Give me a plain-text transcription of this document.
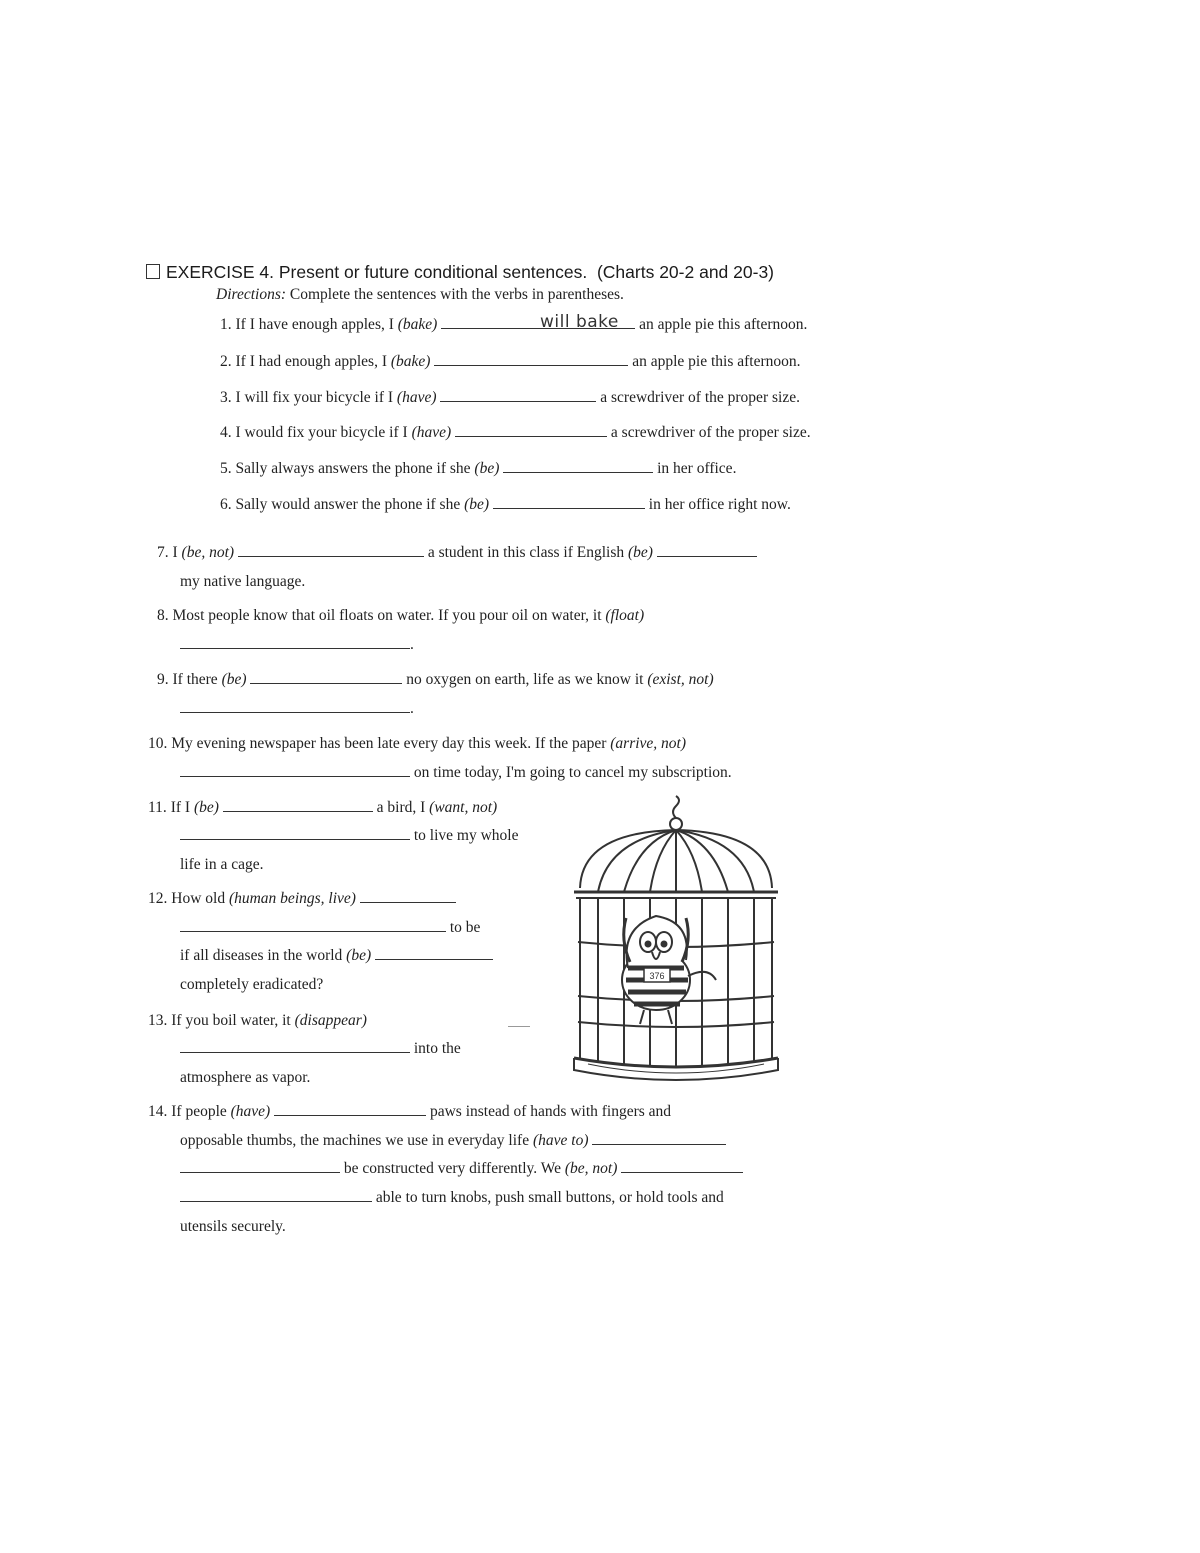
EXERCISE 4. Present or future conditional sentences. (Charts 20-2 and 20-3)
Directions: Complete the sentences with the verbs in parentheses.
1. If I have enough apples, I (bake)	an apple pie this afternoon.
will bake
2. If I had enough apples, I (bake)	an apple pie this afternoon.
3. I will fix your bicycle if I (have)	a screwdriver of the proper size.
4. I would fix your bicycle if I (have)	a screwdriver of the proper size.
5. Sally always answers the phone if she (be)	in her office.
6. Sally would answer the phone if she (be)	in her office right now.
7. I (be, not)	a student in this class if English (be)
my native language.
8. Most people know that oil floats on water. If you pour oil on water, it (float)
.
9. If there (be)	no oxygen on earth, life as we know it (exist, not)
.
10. My evening newspaper has been late every day this week. If the paper (arrive, not)
on time today, I'm going to cancel my subscription.
11. If I (be)	a bird, I (want, not)
to live my whole
life in a cage.
12. How old (human beings, live)
to be
if all diseases in the world (be)
completely eradicated?
13. If you boil water, it (disappear)
into the
atmosphere as vapor.
14. If people (have)	paws instead of hands with fingers and
opposable thumbs, the machines we use in everyday life (have to)
be constructed very differently. We (be, not)
able to turn knobs, push small buttons, or hold tools and
utensils securely.
376
